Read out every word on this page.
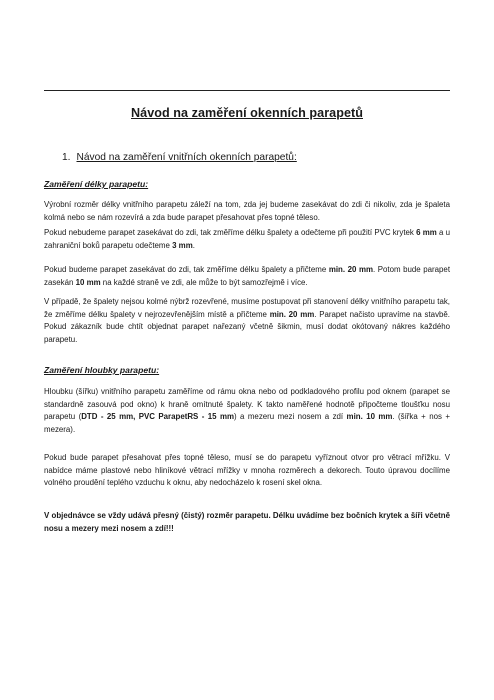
Návod na zaměření okenních parapetů
1. Návod na zaměření vnitřních okenních parapetů:
Zaměření délky parapetu:
Výrobní rozměr délky vnitřního parapetu záleží na tom, zda jej budeme zasekávat do zdi či nikoliv, zda je špaleta kolmá nebo se nám rozevírá a zda bude parapet přesahovat přes topné těleso.
Pokud nebudeme parapet zasekávat do zdi, tak změříme délku špalety a odečteme při použití PVC krytek 6 mm a u zahraniční boků parapetu odečteme 3 mm.
Pokud budeme parapet zasekávat do zdi, tak změříme délku špalety a přičteme min. 20 mm. Potom bude parapet zasekán 10 mm na každé straně ve zdi, ale může to být samozřejmě i více.
V případě, že špalety nejsou kolmé nýbrž rozevřené, musíme postupovat při stanovení délky vnitřního parapetu tak, že změříme délku špalety v nejrozevřenějším místě a přičteme min. 20 mm. Parapet načisto upravíme na stavbě. Pokud zákazník bude chtít objednat parapet nařezaný včetně šikmin, musí dodat okótovaný nákres každého parapetu.
Zaměření hloubky parapetu:
Hloubku (šířku) vnitřního parapetu zaměříme od rámu okna nebo od podkladového profilu pod oknem (parapet se standardně zasouvá pod okno) k hraně omítnuté špalety. K takto naměřené hodnotě připočteme tloušťku nosu parapetu (DTD - 25 mm, PVC ParapetRS - 15 mm) a mezeru mezi nosem a zdí min. 10 mm. (šířka + nos + mezera).
Pokud bude parapet přesahovat přes topné těleso, musí se do parapetu vyříznout otvor pro větrací mřížku. V nabídce máme plastové nebo hliníkové větrací mřížky v mnoha rozměrech a dekorech. Touto úpravou docílíme volného proudění teplého vzduchu k oknu, aby nedocházelo k rosení skel okna.
V objednávce se vždy udává přesný (čistý) rozměr parapetu. Délku uvádíme bez bočních krytek a šíři včetně nosu a mezery mezi nosem a zdí!!!
